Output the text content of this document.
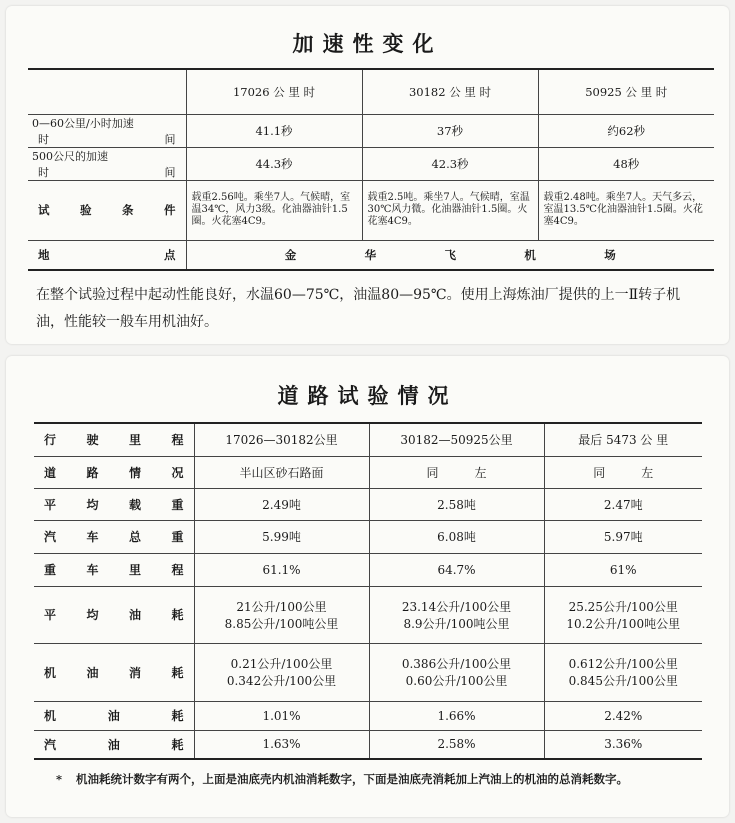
加速性变化
	17026 公 里 时	30182 公 里 时	50925 公 里 时

0—60公里/小时加速
时 间	41.1秒	37秒	约62秒

500公尺的加速
时 间	44.3秒	42.3秒	48秒

试 验 条 件	载重2.56吨。乘坐7人。气候晴，室温34℃，风力3级。化油器油针1.5圈。火花塞4C9。	载重2.5吨。乘坐7人。气候晴，室温30℃风力微。化油器油针1.5圈。火花塞4C9。	载重2.48吨。乘坐7人。天气多云，室温13.5℃化油器油针1.5圈。火花塞4C9。

地 点	金 华 飞 机 场		
在整个试验过程中起动性能良好，水温60—75℃，油温80—95℃。使用上海炼油厂提供的上一Ⅱ转子机油，性能较一般车用机油好。
道路试验情况
行 驶 里 程	17026—30182公里	30182—50925公里	最后 5473 公 里

道 路 情 况	半山区砂石路面	同　　　左	同　　　左

平 均 载 重	2.49吨	2.58吨	2.47吨

汽 车 总 重	5.99吨	6.08吨	5.97吨

重 车 里 程	61.1%	64.7%	61%

平 均 油 耗	21公升/100公里
8.85公升/100吨公里	23.14公升/100公里
8.9公升/100吨公里	25.25公升/100公里
10.2公升/100吨公里

机 油 消 耗	0.21公升/100公里
0.342公升/100公里	0.386公升/100公里
0.60公升/100公里	0.612公升/100公里
0.845公升/100公里

机 油 耗	1.01%	1.66%	2.42%

汽 油 耗	1.63%	2.58%	3.36%
* 机油耗统计数字有两个，上面是油底壳内机油消耗数字，下面是油底壳消耗加上汽油上的机油的总消耗数字。
